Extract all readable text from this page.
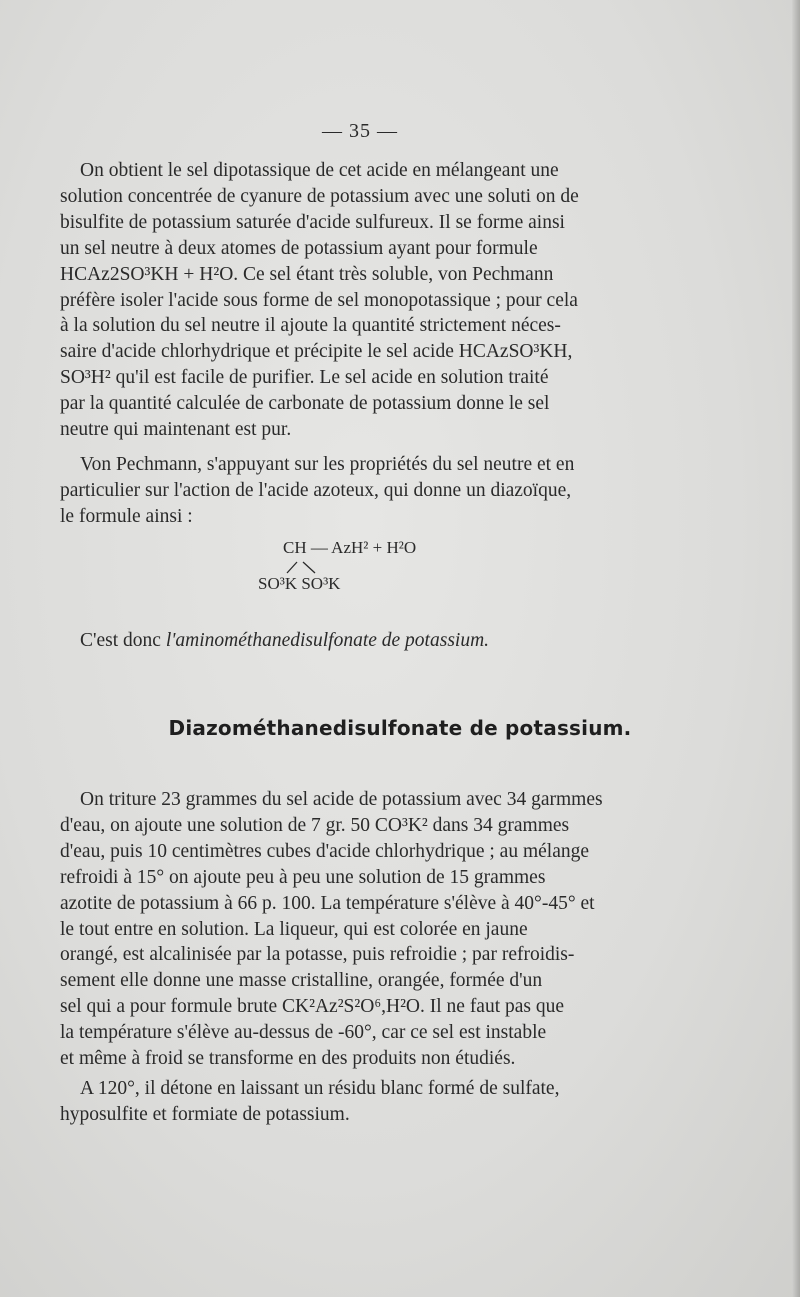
— 35 —

On obtient le sel dipotassique de cet acide en mélangeant une

solution concentrée de cyanure de potassium avec une soluti on de

bisulfite de potassium saturée d'acide sulfureux. Il se forme ainsi

un sel neutre à deux atomes de potassium ayant pour formule

HCAz2SO³KH + H²O. Ce sel étant très soluble, von Pechmann

préfère isoler l'acide sous forme de sel monopotassique ; pour cela

à la solution du sel neutre il ajoute la quantité strictement néces-

saire d'acide chlorhydrique et précipite le sel acide HCAzSO³KH,

SO³H² qu'il est facile de purifier. Le sel acide en solution traité

par la quantité calculée de carbonate de potassium donne le sel

neutre qui maintenant est pur.

Von Pechmann, s'appuyant sur les propriétés du sel neutre et en

particulier sur l'action de l'acide azoteux, qui donne un diazoïque,

le formule ainsi :

CH — AzH² + H²O
SO³K SO³K
C'est donc l'aminométhanedisulfonate de potassium.
Diazométhanedisulfonate de potassium.

On triture 23 grammes du sel acide de potassium avec 34 garmmes

d'eau, on ajoute une solution de 7 gr. 50 CO³K² dans 34 grammes

d'eau, puis 10 centimètres cubes d'acide chlorhydrique ; au mélange

refroidi à 15° on ajoute peu à peu une solution de 15 grammes

azotite de potassium à 66 p. 100. La température s'élève à 40°-45° et

le tout entre en solution. La liqueur, qui est colorée en jaune

orangé, est alcalinisée par la potasse, puis refroidie ; par refroidis-

sement elle donne une masse cristalline, orangée, formée d'un

sel qui a pour formule brute CK²Az²S²O⁶,H²O. Il ne faut pas que

la température s'élève au-dessus de -60°, car ce sel est instable

et même à froid se transforme en des produits non étudiés.

A 120°, il détone en laissant un résidu blanc formé de sulfate,

hyposulfite et formiate de potassium.
